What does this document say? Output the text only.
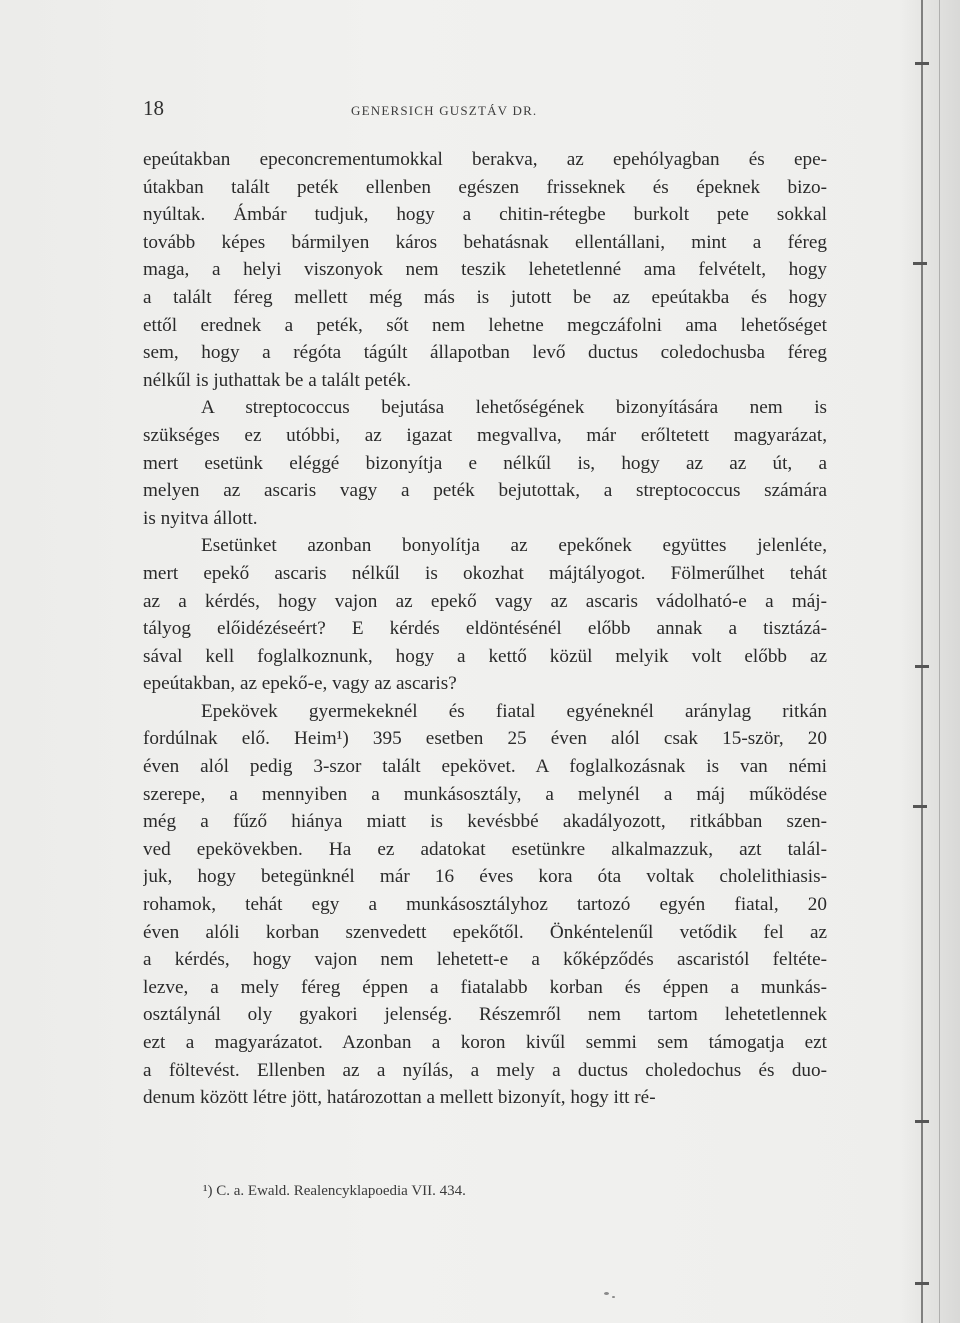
18	GENERSICH GUSZTÁV DR.
epeútakban epeconcrementumokkal berakva, az epehólyagban és epe-
útakban talált peték ellenben egészen frisseknek és épeknek bizo-
nyúltak. Ámbár tudjuk, hogy a chitin-rétegbe burkolt pete sokkal
tovább képes bármilyen káros behatásnak ellentállani, mint a féreg
maga, a helyi viszonyok nem teszik lehetetlenné ama felvételt, hogy
a talált féreg mellett még más is jutott be az epeútakba és hogy
ettől erednek a peték, sőt nem lehetne megczáfolni ama lehetőséget
sem, hogy a régóta tágúlt állapotban levő ductus coledochusba féreg
nélkűl is juthattak be a talált peték.
A streptococcus bejutása lehetőségének bizonyítására nem is
szükséges ez utóbbi, az igazat megvallva, már erőltetett magyarázat,
mert esetünk eléggé bizonyítja e nélkűl is, hogy az az út, a
melyen az ascaris vagy a peték bejutottak, a streptococcus számára
is nyitva állott.
Esetünket azonban bonyolítja az epekőnek együttes jelenléte,
mert epekő ascaris nélkűl is okozhat májtályogot. Fölmerűlhet tehát
az a kérdés, hogy vajon az epekő vagy az ascaris vádolható-e a máj-
tályog előidézéseért? E kérdés eldöntésénél előbb annak a tisztázá-
sával kell foglalkoznunk, hogy a kettő közül melyik volt előbb az
epeútakban, az epekő-e, vagy az ascaris?
Epekövek gyermekeknél és fiatal egyéneknél aránylag ritkán
fordúlnak elő. Heim¹) 395 esetben 25 éven alól csak 15-ször, 20
éven alól pedig 3-szor talált epekövet. A foglalkozásnak is van némi
szerepe, a mennyiben a munkásosztály, a melynél a máj működése
még a fűző hiánya miatt is kevésbbé akadályozott, ritkábban szen-
ved epekövekben. Ha ez adatokat esetünkre alkalmazzuk, azt talál-
juk, hogy betegünknél már 16 éves kora óta voltak cholelithiasis-
rohamok, tehát egy a munkásosztályhoz tartozó egyén fiatal, 20
éven alóli korban szenvedett epekőtől. Önkéntelenűl vetődik fel az
a kérdés, hogy vajon nem lehetett-e a kőképződés ascaristól feltéte-
lezve, a mely féreg éppen a fiatalabb korban és éppen a munkás-
osztálynál oly gyakori jelenség. Részemről nem tartom lehetetlennek
ezt a magyarázatot. Azonban a koron kivűl semmi sem támogatja ezt
a föltevést. Ellenben az a nyílás, a mely a ductus choledochus és duo-
denum között létre jött, határozottan a mellett bizonyít, hogy itt ré-
¹) C. a. Ewald. Realencyklapoedia VII. 434.
